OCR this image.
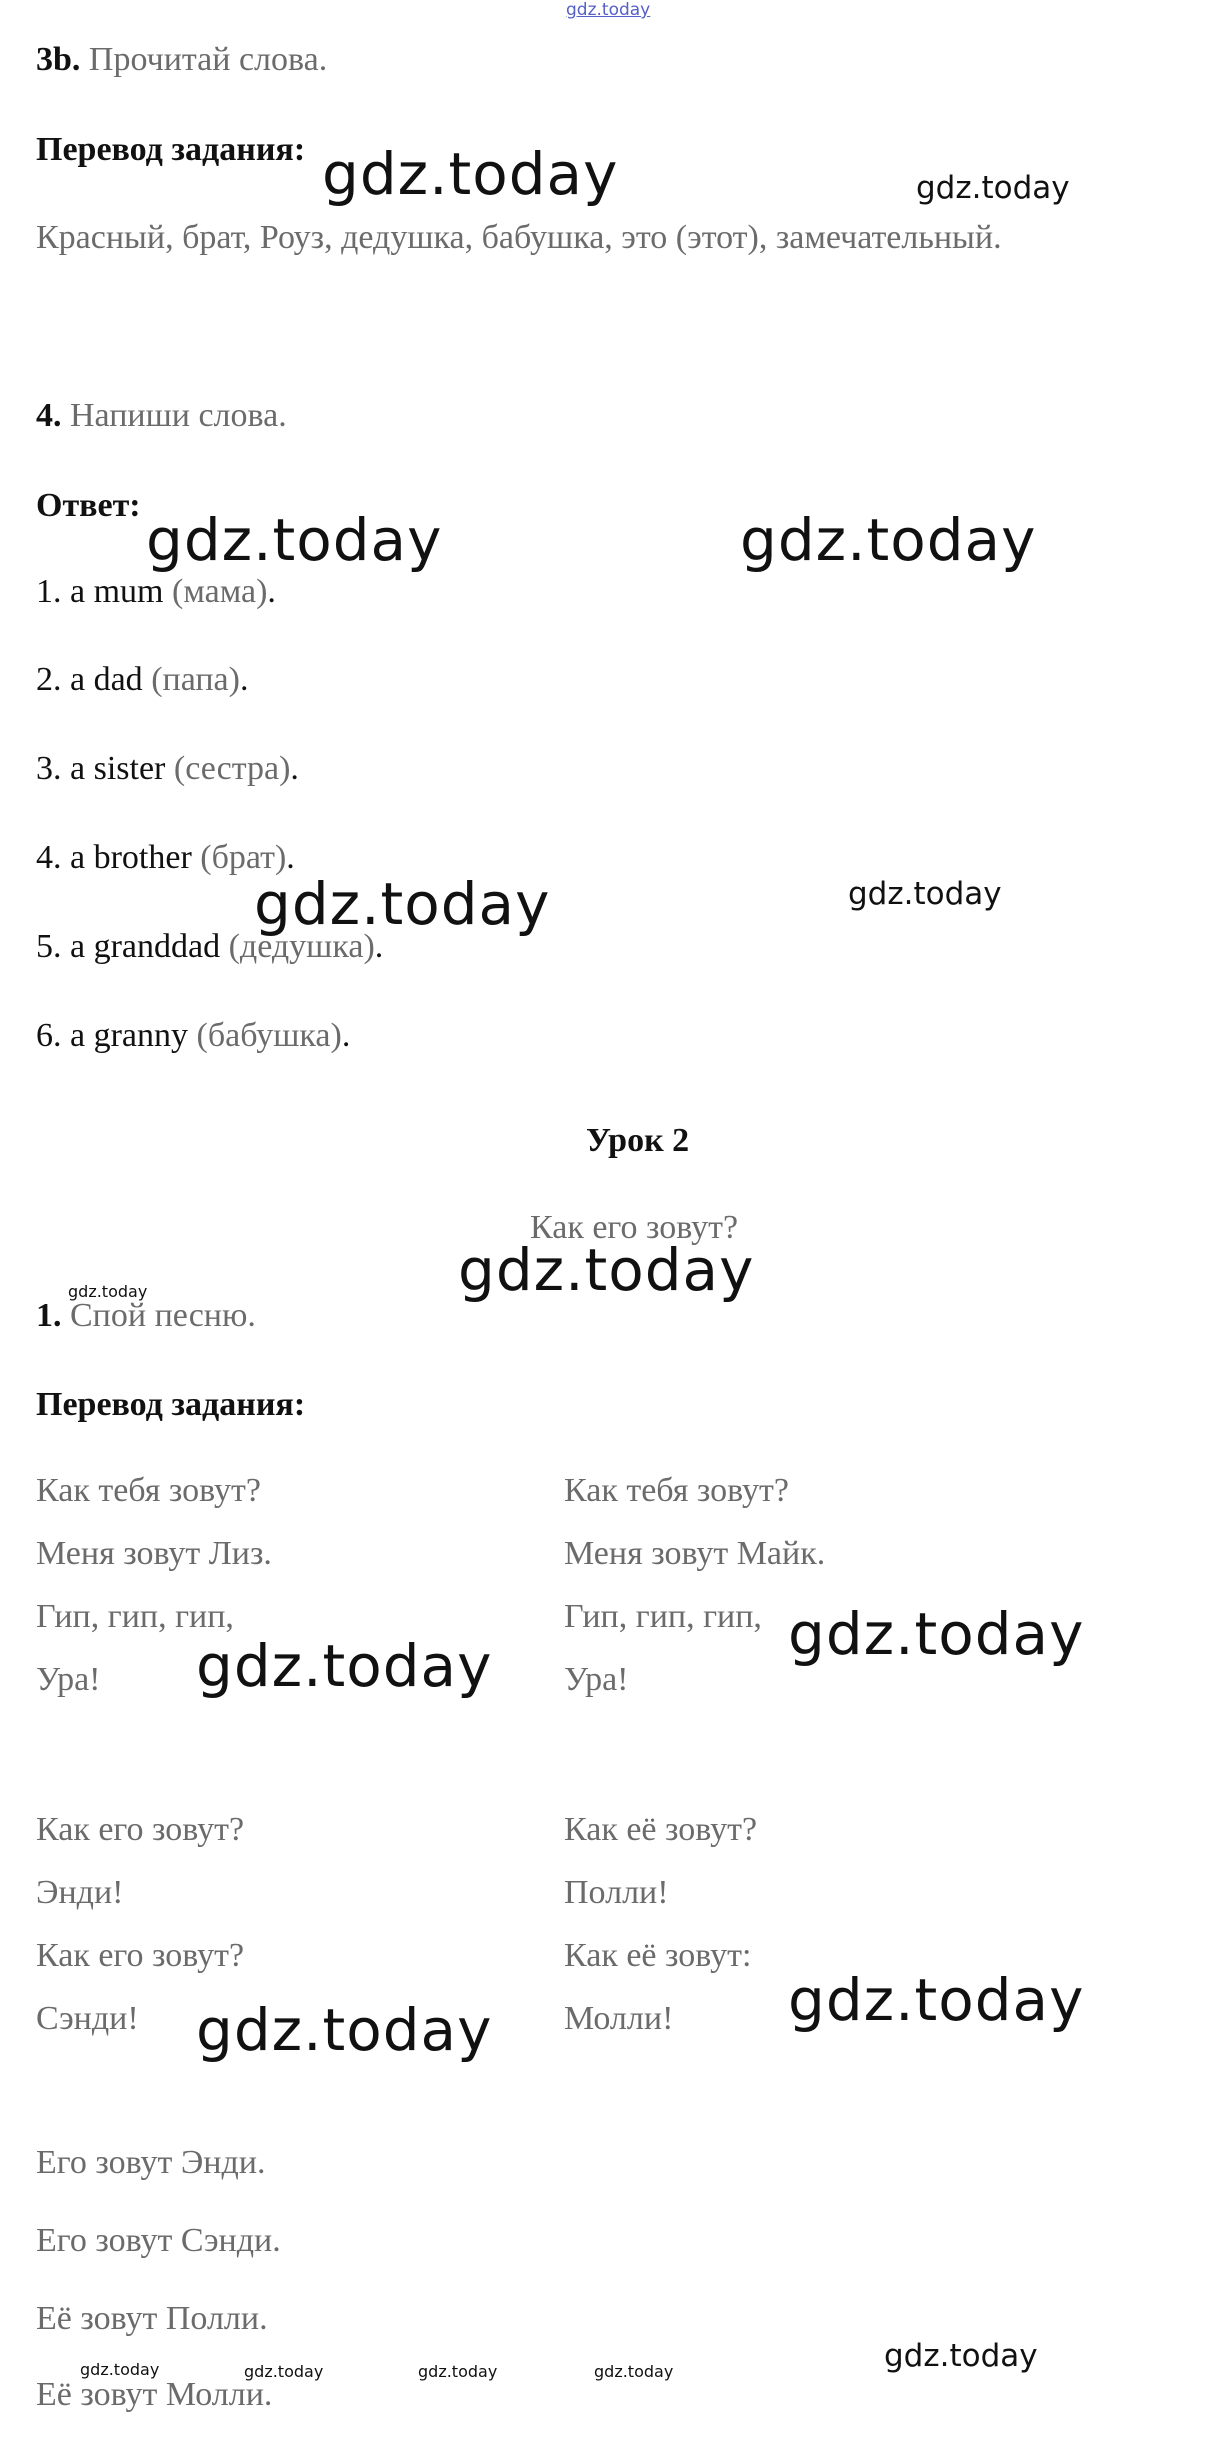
gdz.today
3b. Прочитай слова.
Перевод задания:
Красный, брат, Роуз, дедушка, бабушка, это (этот), замечательный.
4. Напиши слова.
Ответ:
1. a mum (мама).
2. a dad (папа).
3. a sister (сестра).
4. a brother (брат).
5. a granddad (дедушка).
6. a granny (бабушка).
Урок 2
Как его зовут?
1. Спой песню.
Перевод задания:
Как тебя зовут?
Меня зовут Лиз.
Гип, гип, гип,
Ура!
Как его зовут?
Энди!
Как его зовут?
Сэнди!
Как тебя зовут?
Меня зовут Майк.
Гип, гип, гип,
Ура!
Как её зовут?
Полли!
Как её зовут:
Молли!
Его зовут Энди.
Его зовут Сэнди.
Её зовут Полли.
Её зовут Молли.
gdz.today	gdz.today
gdz.today	gdz.today
gdz.today	gdz.today
gdz.today
gdz.today
gdz.today	gdz.today
gdz.today	gdz.today
gdz.today	gdz.today	gdz.today	gdz.today	gdz.today
